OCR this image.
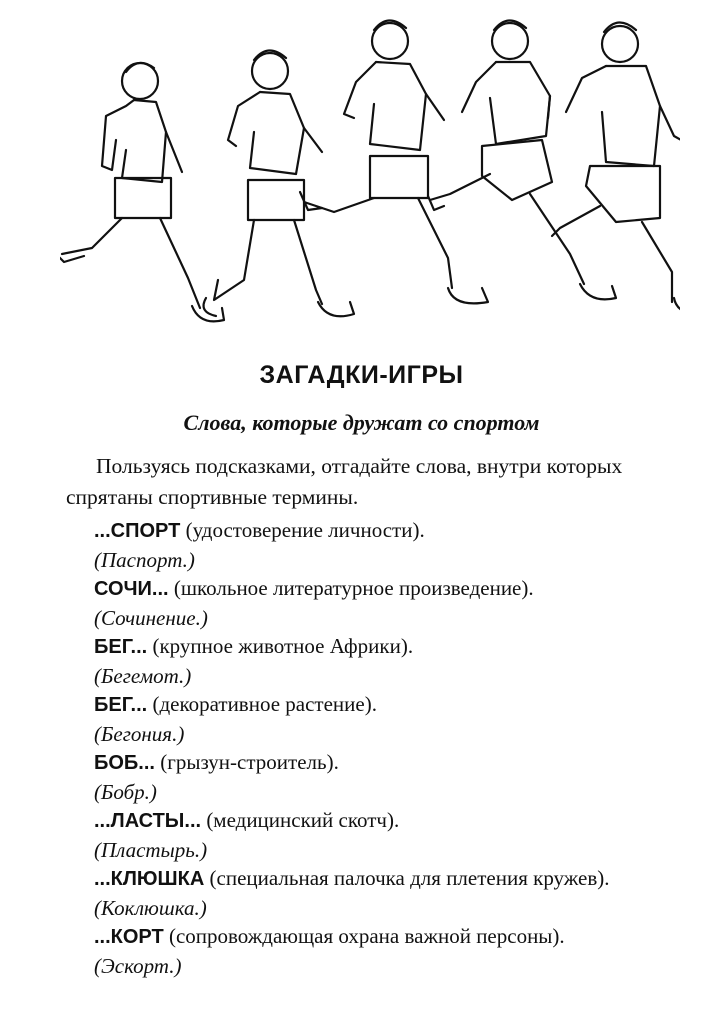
ЗАГАДКИ-ИГРЫ
Слова, которые дружат со спортом
Пользуясь подсказками, отгадайте слова, внутри которых спрятаны спортивные термины.

...СПОРТ (удостоверение личности).

(Паспорт.)

СОЧИ... (школьное литературное произведение).

(Сочинение.)

БЕГ... (крупное животное Африки).

(Бегемот.)

БЕГ... (декоративное растение).

(Бегония.)

БОБ... (грызун-строитель).

(Бобр.)

...ЛАСТЫ... (медицинский скотч).

(Пластырь.)

...КЛЮШКА (специальная палочка для плетения кружев).

(Коклюшка.)

...КОРТ (сопровождающая охрана важной персоны).

(Эскорт.)
